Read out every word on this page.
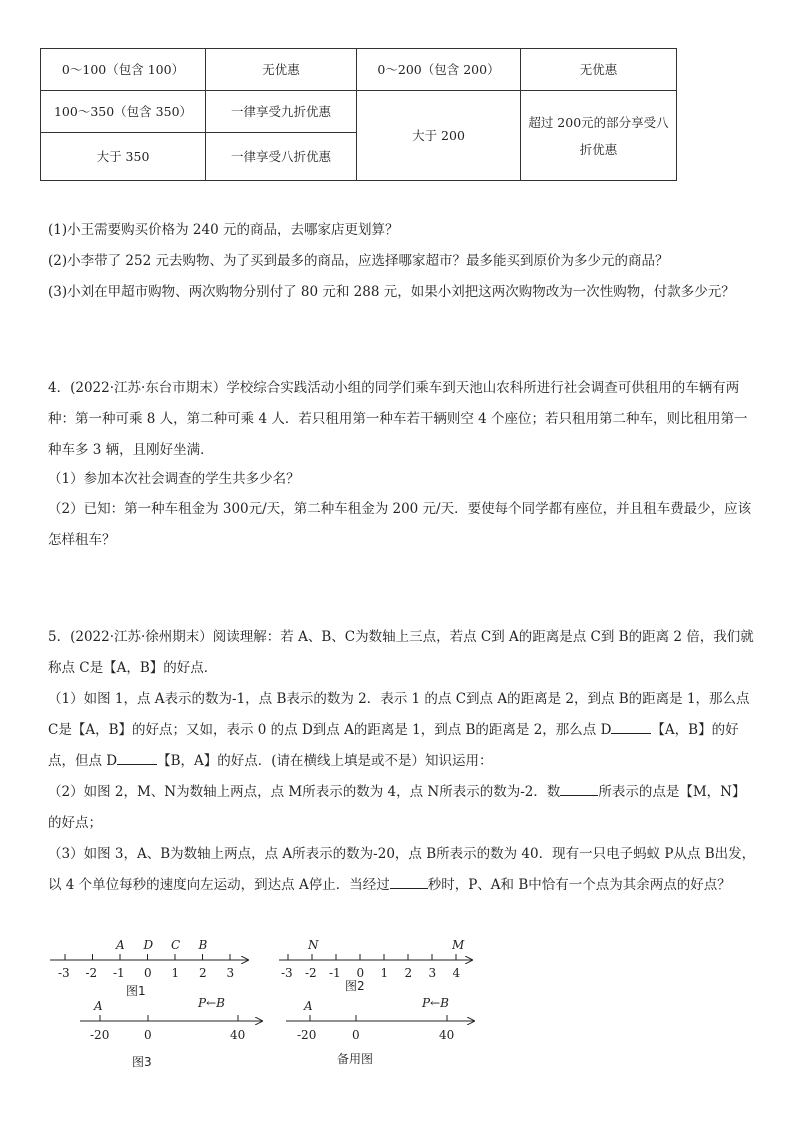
0～100（包含 100）	无优惠	0～200（包含 200）	无优惠
100～350（包含 350）	一律享受九折优惠	大于 200	超过 200元的部分享受八折优惠
大于 350	一律享受八折优惠		
(1)小王需要购买价格为 240 元的商品，去哪家店更划算？
(2)小李带了 252 元去购物、为了买到最多的商品，应选择哪家超市？最多能买到原价为多少元的商品？
(3)小刘在甲超市购物、两次购物分别付了 80 元和 288 元，如果小刘把这两次购物改为一次性购物，付款多少元？
4．(2022·江苏·东台市期末）学校综合实践活动小组的同学们乘车到天池山农科所进行社会调查可供租用的车辆有两种：第一种可乘 8 人，第二种可乘 4 人．若只租用第一种车若干辆则空 4 个座位；若只租用第二种车，则比租用第一种车多 3 辆，且刚好坐满．
（1）参加本次社会调查的学生共多少名？
（2）已知：第一种车租金为 300元/天，第二种车租金为 200 元/天．要使每个同学都有座位，并且租车费最少，应该怎样租车？
5．(2022·江苏·徐州期末）阅读理解：若 A、B、C为数轴上三点，若点 C到 A的距离是点 C到 B的距离 2 倍，我们就称点 C是【A，B】的好点．
（1）如图 1，点 A表示的数为-1，点 B表示的数为 2．表示 1 的点 C到点 A的距离是 2，到点 B的距离是 1，那么点 C是【A，B】的好点；又如，表示 0 的点 D到点 A的距离是 1，到点 B的距离是 2，那么点 D	【A，B】的好点，但点 D	【B，A】的好点．(请在横线上填是或不是）知识运用：
（2）如图 2，M、N为数轴上两点，点 M所表示的数为 4，点 N所表示的数为-2．数	所表示的点是【M，N】的好点；
（3）如图 3，A、B为数轴上两点，点 A所表示的数为-20，点 B所表示的数为 40．现有一只电子蚂蚁 P从点 B出发，以 4 个单位每秒的速度向左运动，到达点 A停止．当经过	秒时，P、A和 B中恰有一个点为其余两点的好点？
-3 -2 -1 0 1 2 3
A D C B
图1
-3 -2 -1 0 1 2 3 4
N	M
图2
A	P←B
-20	0	40
图3
A	P←B
-20	0	40
备用图
